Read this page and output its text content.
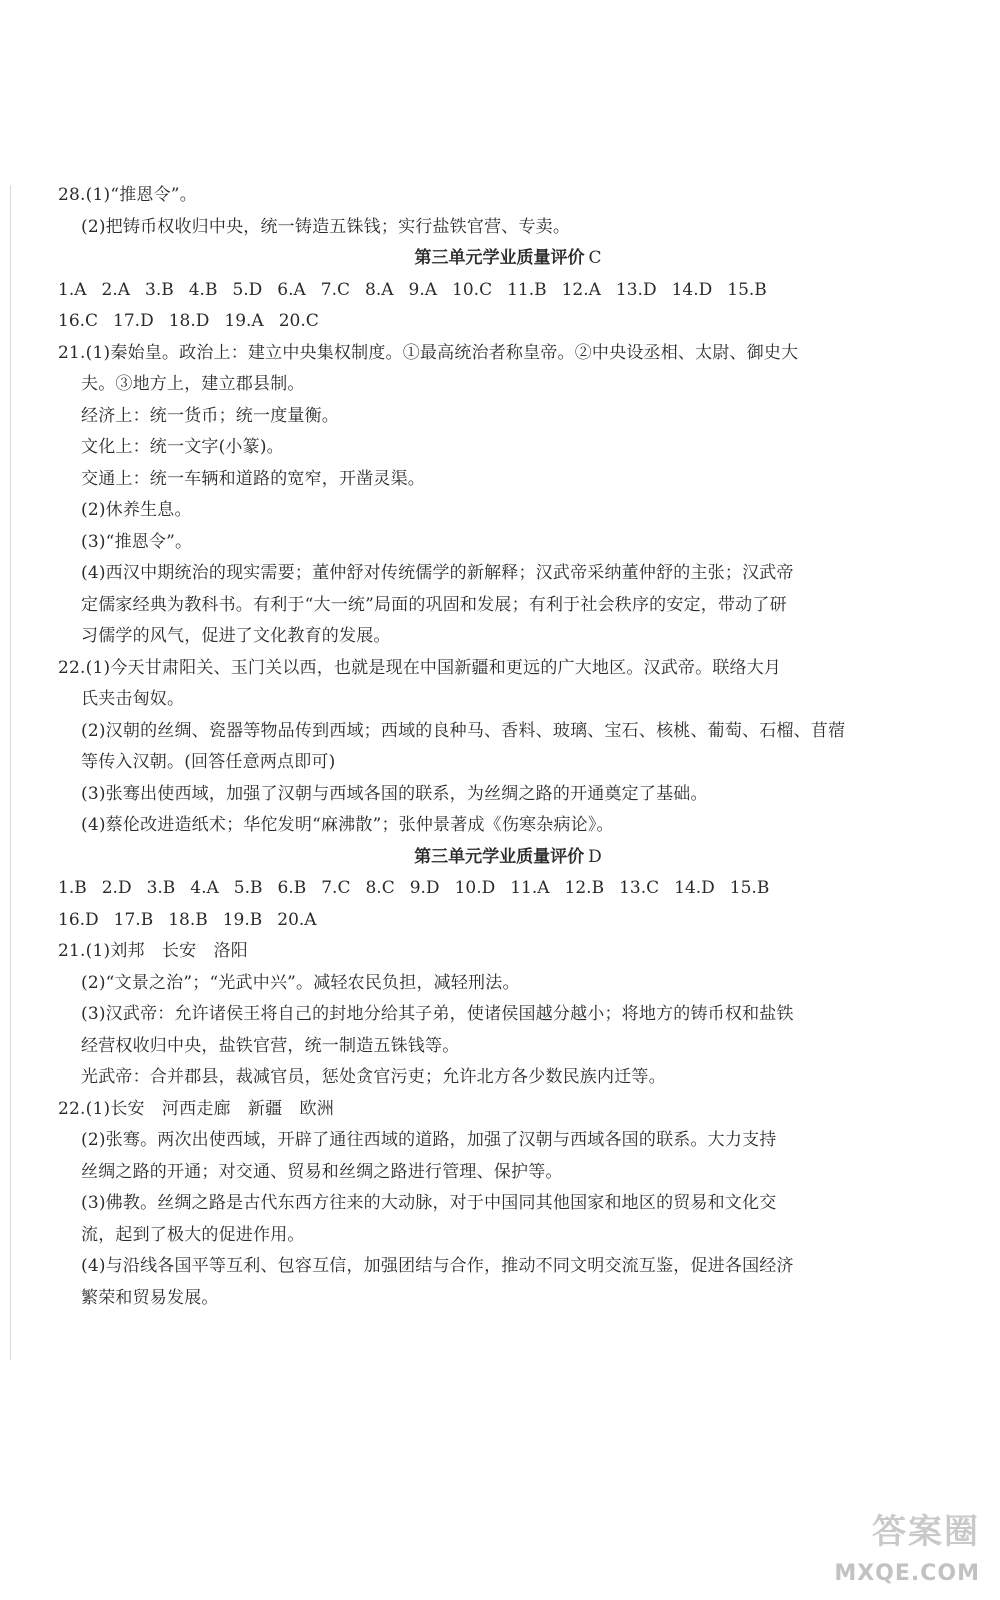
28.(1)“推恩令”。
(2)把铸币权收归中央，统一铸造五铢钱；实行盐铁官营、专卖。
第三单元学业质量评价 C
1.A 2.A 3.B 4.B 5.D 6.A 7.C 8.A 9.A 10.C 11.B 12.A 13.D 14.D 15.B
16.C 17.D 18.D 19.A 20.C
21.(1)秦始皇。政治上：建立中央集权制度。①最高统治者称皇帝。②中央设丞相、太尉、御史大
夫。③地方上，建立郡县制。
经济上：统一货币；统一度量衡。
文化上：统一文字(小篆)。
交通上：统一车辆和道路的宽窄，开凿灵渠。
(2)休养生息。
(3)“推恩令”。
(4)西汉中期统治的现实需要；董仲舒对传统儒学的新解释；汉武帝采纳董仲舒的主张；汉武帝
定儒家经典为教科书。有利于“大一统”局面的巩固和发展；有利于社会秩序的安定，带动了研
习儒学的风气，促进了文化教育的发展。
22.(1)今天甘肃阳关、玉门关以西，也就是现在中国新疆和更远的广大地区。汉武帝。联络大月
氏夹击匈奴。
(2)汉朝的丝绸、瓷器等物品传到西域；西域的良种马、香料、玻璃、宝石、核桃、葡萄、石榴、苜蓿
等传入汉朝。(回答任意两点即可)
(3)张骞出使西域，加强了汉朝与西域各国的联系，为丝绸之路的开通奠定了基础。
(4)蔡伦改进造纸术；华佗发明“麻沸散”；张仲景著成《伤寒杂病论》。
第三单元学业质量评价 D
1.B 2.D 3.B 4.A 5.B 6.B 7.C 8.C 9.D 10.D 11.A 12.B 13.C 14.D 15.B
16.D 17.B 18.B 19.B 20.A
21.(1)刘邦　长安　洛阳
(2)“文景之治”；“光武中兴”。减轻农民负担，减轻刑法。
(3)汉武帝：允许诸侯王将自己的封地分给其子弟，使诸侯国越分越小；将地方的铸币权和盐铁
经营权收归中央，盐铁官营，统一制造五铢钱等。
光武帝：合并郡县，裁减官员，惩处贪官污吏；允许北方各少数民族内迁等。
22.(1)长安　河西走廊　新疆　欧洲
(2)张骞。两次出使西域，开辟了通往西域的道路，加强了汉朝与西域各国的联系。大力支持
丝绸之路的开通；对交通、贸易和丝绸之路进行管理、保护等。
(3)佛教。丝绸之路是古代东西方往来的大动脉，对于中国同其他国家和地区的贸易和文化交
流，起到了极大的促进作用。
(4)与沿线各国平等互利、包容互信，加强团结与合作，推动不同文明交流互鉴，促进各国经济
繁荣和贸易发展。
答案圈
MXQE.COM
